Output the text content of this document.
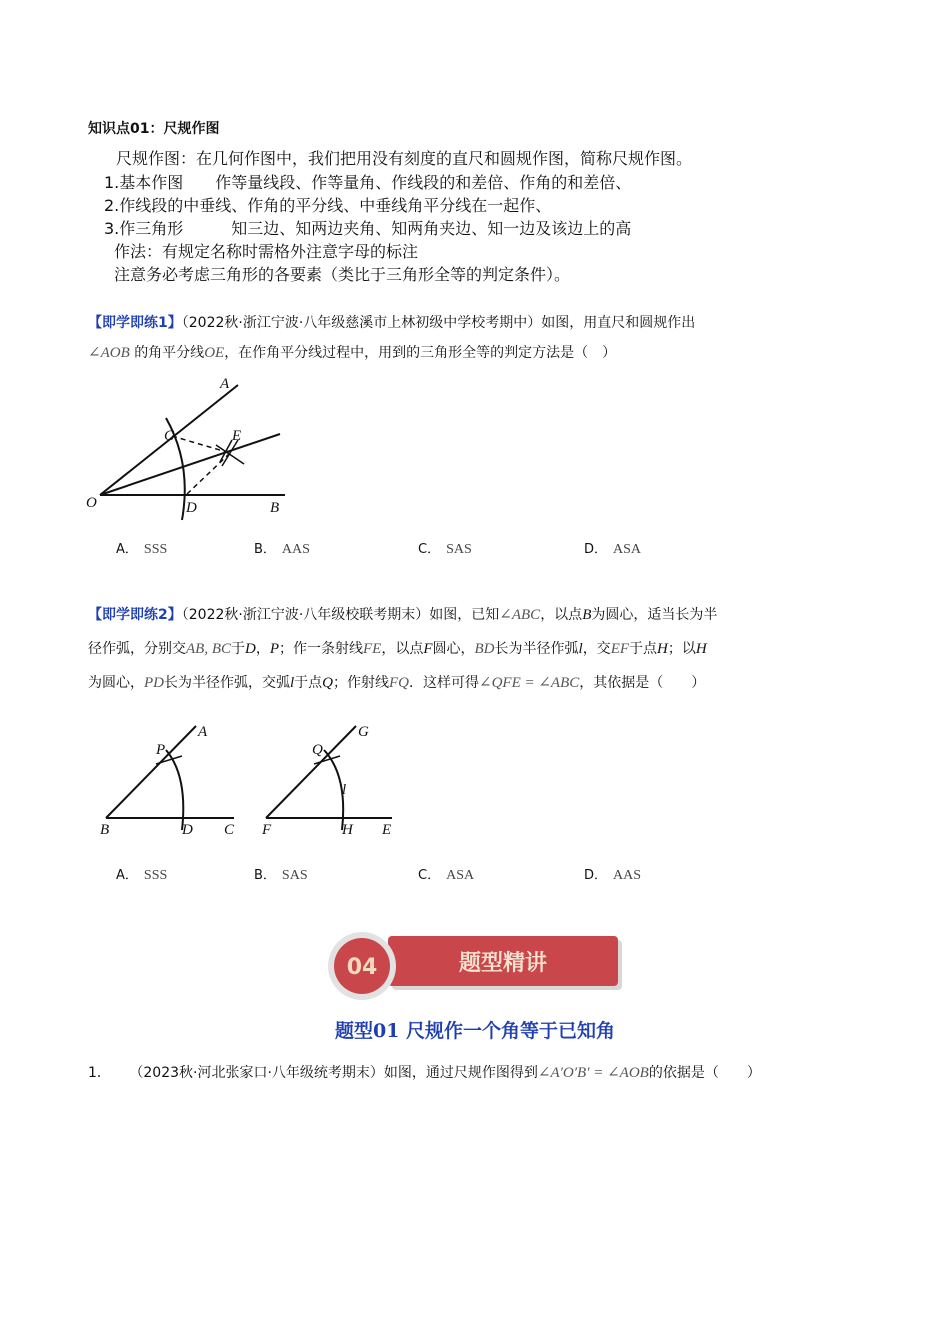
知识点01：尺规作图
尺规作图：在几何作图中，我们把用没有刻度的直尺和圆规作图，简称尺规作图。
1.基本作图　　作等量线段、作等量角、作线段的和差倍、作角的和差倍、
2.作线段的中垂线、作角的平分线、中垂线角平分线在一起作、
3.作三角形　　　知三边、知两边夹角、知两角夹边、知一边及该边上的高
作法：有规定名称时需格外注意字母的标注
注意务必考虑三角形的各要素（类比于三角形全等的判定条件）。
【即学即练1】（2022秋·浙江宁波·八年级慈溪市上林初级中学校考期中）如图，用直尺和圆规作出
∠AOB 的角平分线OE，在作角平分线过程中，用到的三角形全等的判定方法是（　）
A
C	E
O	D	B
A． SSS	B． AAS	C． SAS	D． ASA
【即学即练2】（2022秋·浙江宁波·八年级校联考期末）如图，已知∠ABC，以点B为圆心，适当长为半
径作弧，分别交AB, BC于D，P；作一条射线FE，以点F圆心，BD长为半径作弧l，交EF于点H；以H
为圆心，PD长为半径作弧，交弧l于点Q；作射线FQ．这样可得∠QFE = ∠ABC，其依据是（　　）
P
A
B	D C
Q
G
l
F	H E
A． SSS	B． SAS	C． ASA	D． AAS
04	题型精讲
题型01 尺规作一个角等于已知角
1． （2023秋·河北张家口·八年级统考期末）如图，通过尺规作图得到∠A′O′B′ = ∠AOB的依据是（　　）
